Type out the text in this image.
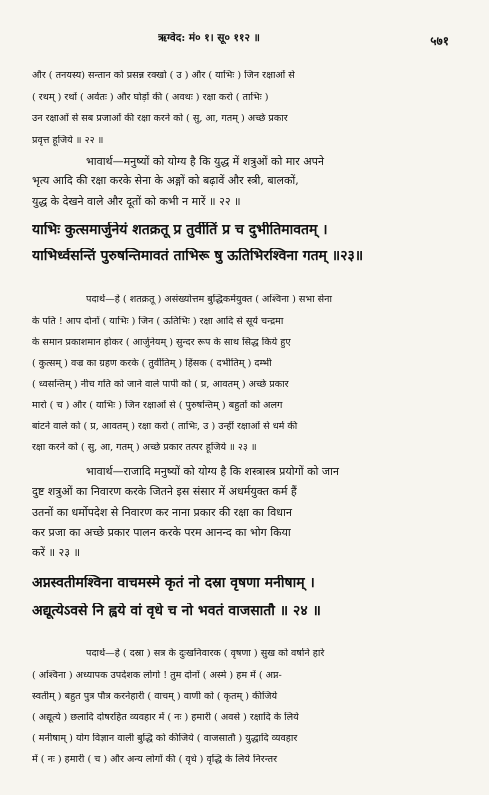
ऋग्वेद: मं० १। सू० ११२ ॥	५७१
और ( तनयस्य) सन्तान को प्रसन्न रक्खो ( उ ) और ( याभिः ) जिन रक्षाओं से
( रथम् ) रथों ( अर्वतः ) और घोड़ों की ( अवथः ) रक्षा करो ( ताभिः )
उन रक्षाओं से सब प्रजाओं की रक्षा करने को ( सु, आ, गतम् ) अच्छे प्रकार
प्रवृत्त हूजिये ॥ २२ ॥
भावार्थ—मनुष्यों को योग्य है कि युद्ध में शत्रुओं को मार अपने
भृत्य आदि की रक्षा करके सेना के अङ्गों को बढ़ावें और स्त्री, बालकों,
युद्ध के देखने वाले और दूतों को कभी न मारें ॥ २२ ॥
याभिः कुत्समार्जुनेयं शतक्रतू प्र तुर्वीतिं प्र च दुभीतिमावतम् ।
याभिर्ध्वसन्तिं पुरुषन्तिमावतं ताभिरू षु ऊतिभिरश्विना गतम् ॥२३॥
पदार्थ—हे ( शतक्रतू ) असंख्योत्तम बुद्धिकर्मयुक्त ( अश्विना ) सभा सेना
के पति ! आप दोनों ( याभिः ) जिन ( ऊतिभिः ) रक्षा आदि से सूर्य चन्द्रमा
के समान प्रकाशमान होकर ( आर्जुनेयम् ) सुन्दर रूप के साथ सिद्ध किये हुए
( कुत्सम् ) वज्र का ग्रहण करके ( तुर्वीतिम् ) हिंसक ( दभीतिम् ) दम्भी
( ध्वसन्तिम् ) नीच गति को जाने वाले पापी को ( प्र, आवतम् ) अच्छे प्रकार
मारो ( च ) और ( याभिः ) जिन रक्षाओं से ( पुरुषन्तिम् ) बहुतों को अलग
बांटने वाले को ( प्र, आवतम् ) रक्षा करो ( ताभिः, उ ) उन्हीं रक्षाओं से धर्म की
रक्षा करने को ( सु, आ, गतम् ) अच्छे प्रकार तत्पर हूजिये ॥ २३ ॥
भावार्थ—राजादि मनुष्यों को योग्य है कि शस्त्रास्त्र प्रयोगों को जान
दुष्ट शत्रुओं का निवारण करके जितने इस संसार में अधर्मयुक्त कर्म हैं
उतनों का धर्मोपदेश से निवारण कर नाना प्रकार की रक्षा का विधान
कर प्रजा का अच्छे प्रकार पालन करके परम आनन्द का भोग किया
करें ॥ २३ ॥
अप्नस्वतीमश्विना वाचमस्मे कृतं नो दस्रा वृषणा मनीषाम् ।
अद्यूत्येऽवसे नि ह्वये वां वृधे च नो भवतं वाजसातौ ॥ २४ ॥
पदार्थ—हे ( दस्रा ) सत्र के दुःखनिवारक ( वृषणा ) सुख को वर्षाने हारे
( अश्विना ) अध्यापक उपदेशक लोगो ! तुम दोनों ( अस्मे ) हम में ( अप्न-
स्वतीम् ) बहुत पुत्र पौत्र करनेहारी ( वाचम् ) वाणी को ( कृतम् ) कीजिये
( अद्यूत्ये ) छलादि दोषरहित व्यवहार में ( नः ) हमारी ( अवसे ) रक्षादि के लिये
( मनीषाम् ) योग विज्ञान वाली बुद्धि को कीजिये ( वाजसातौ ) युद्धादि व्यवहार
में ( नः ) हमारी ( च ) और अन्य लोगों की ( वृधे ) वृद्धि के लिये निरन्तर
